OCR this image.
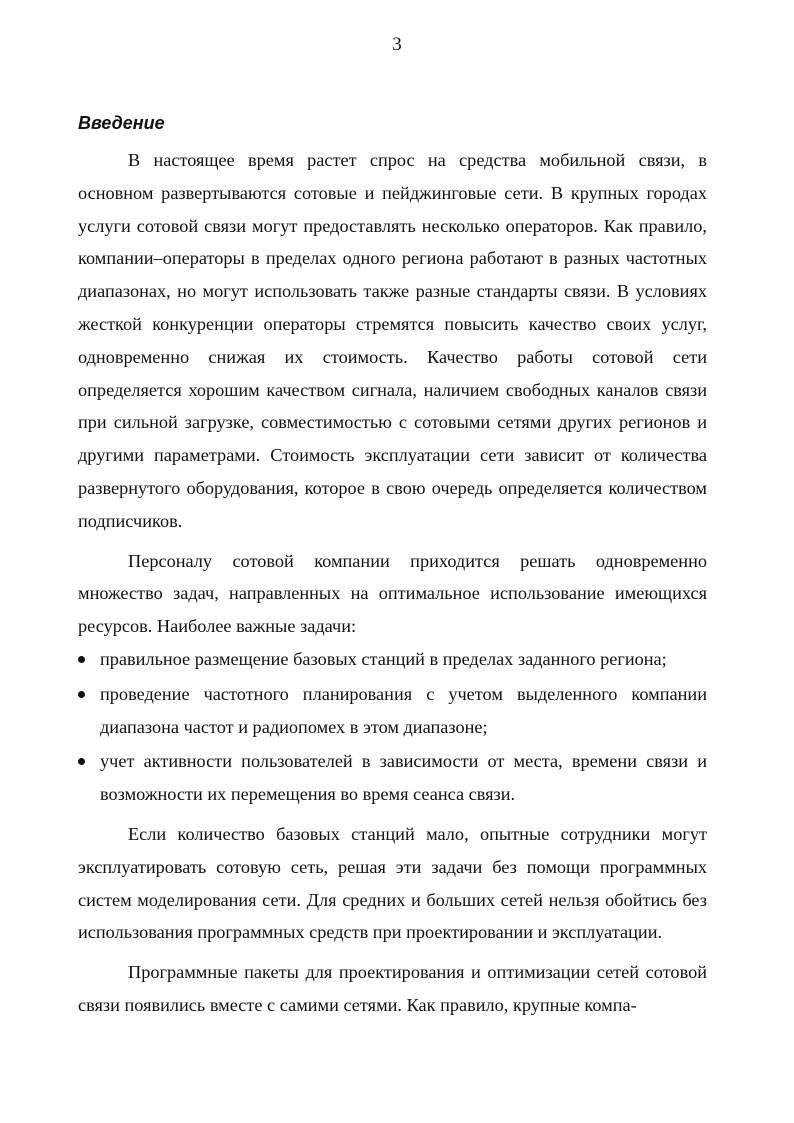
3
Введение

В настоящее время растет спрос на средства мобильной связи, в основном развертываются сотовые и пейджинговые сети. В крупных городах услуги сотовой связи могут предоставлять несколько операторов. Как правило, компании–операторы в пределах одного региона работают в разных частотных диапазонах, но могут использовать также разные стандарты связи. В условиях жесткой конкуренции операторы стремятся повысить качество своих услуг, одновременно снижая их стоимость. Качество работы сотовой сети определяется хорошим качеством сигнала, наличием свободных каналов связи при сильной загрузке, совместимостью с сотовыми сетями других регионов и другими параметрами. Стоимость эксплуатации сети зависит от количества развернутого оборудования, которое в свою очередь определяется количеством подписчиков.

Персоналу сотовой компании приходится решать одновременно множество задач, направленных на оптимальное использование имеющихся ресурсов. Наиболее важные задачи:

правильное размещение базовых станций в пределах заданного региона;
проведение частотного планирования с учетом выделенного компании диапазона частот и радиопомех в этом диапазоне;
учет активности пользователей в зависимости от места, времени связи и возможности их перемещения во время сеанса связи.

Если количество базовых станций мало, опытные сотрудники могут эксплуатировать сотовую сеть, решая эти задачи без помощи программных систем моделирования сети. Для средних и больших сетей нельзя обойтись без использования программных средств при проектировании и эксплуатации.

Программные пакеты для проектирования и оптимизации сетей сотовой связи появились вместе с самими сетями. Как правило, крупные компа-
